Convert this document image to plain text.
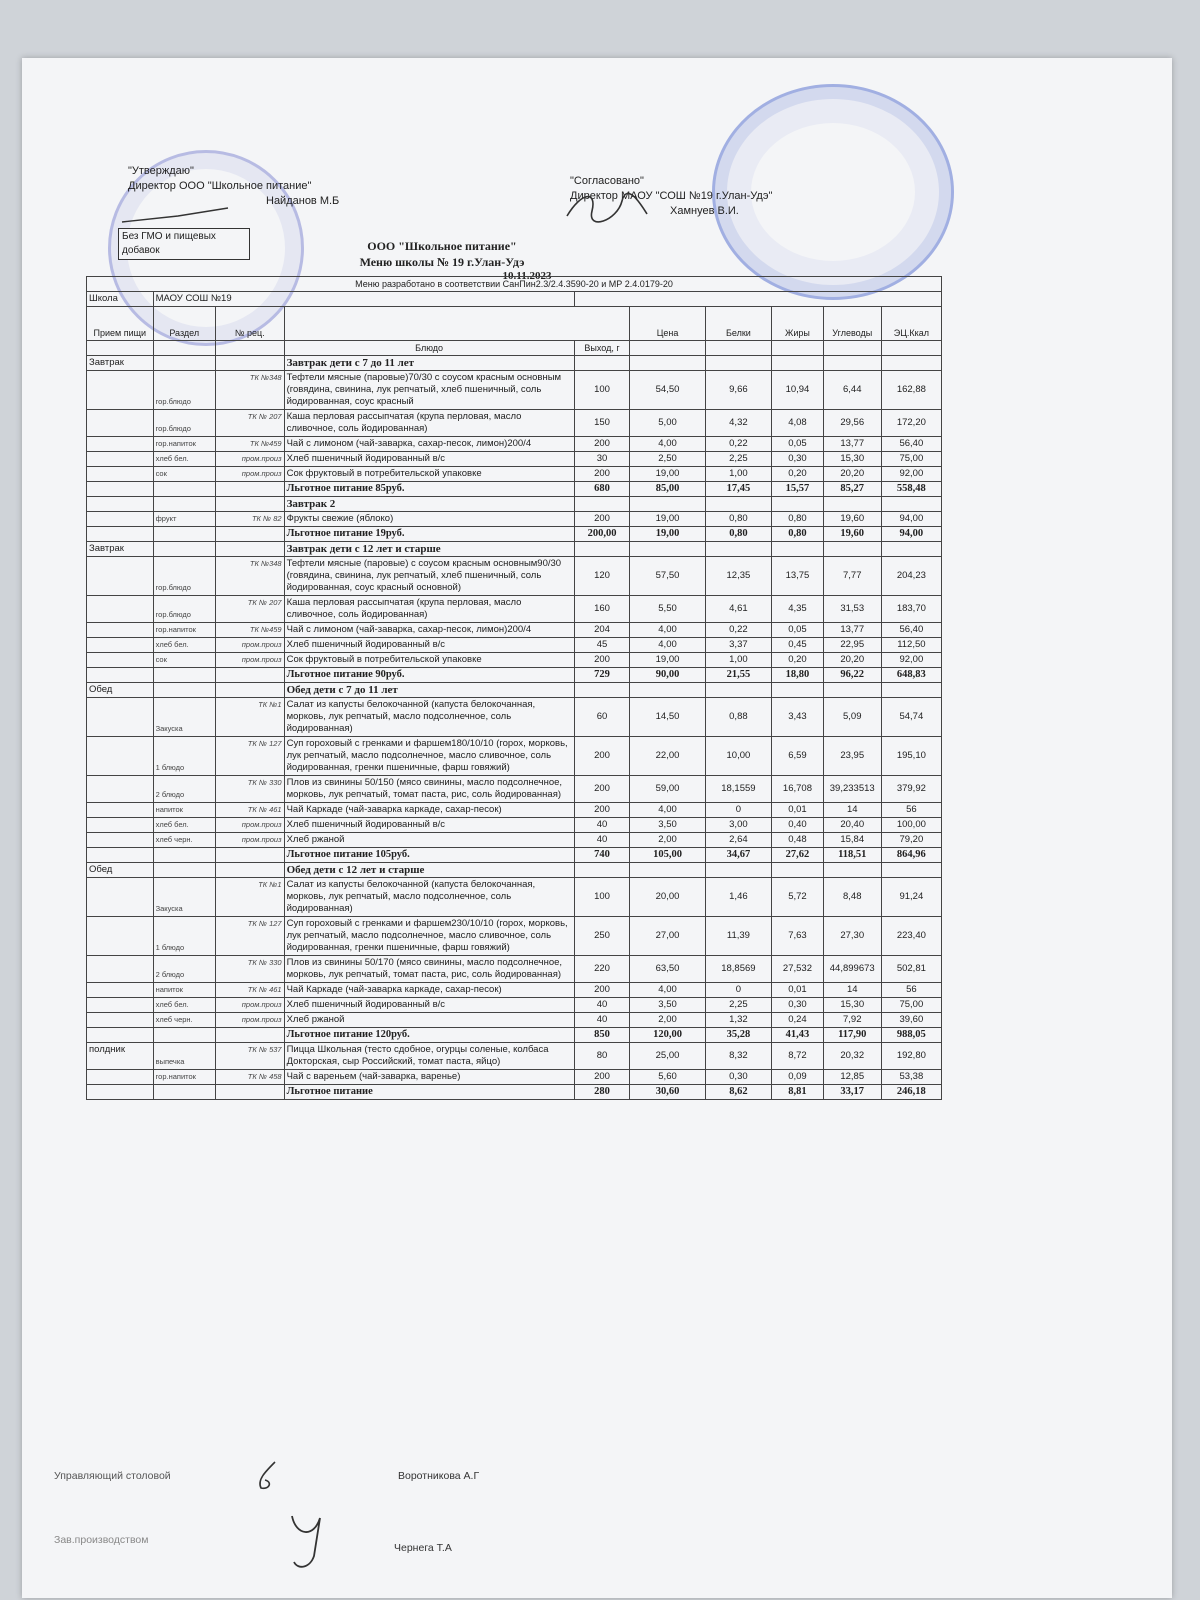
"Утверждаю"
Директор ООО "Школьное питание"
Найданов М.Б
"Согласовано"
Директор МАОУ "СОШ №19 г.Улан-Удэ"
Хамнуев В.И.
Без ГМО и пищевых
добавок	ООО "Школьное питание"
Меню школы № 19 г.Улан-Удэ
10.11.2023
Меню разработано в соответствии СанПин2.3/2.4.3590-20 и МР 2.4.0179-20									
Школа	МАОУ СОШ №19								
Прием пищи	Раздел	№ рец.			Цена	Белки	Жиры	Углеводы	ЭЦ.Ккал
			Блюдо	Выход, г					
Завтрак			Завтрак дети с 7 до 11 лет						
	гор.блюдо	ТК №348	Тефтели мясные (паровые)70/30 с соусом красным основным (говядина, свинина, лук репчатый, хлеб пшеничный, соль йодированная, соус красный	100	54,50	9,66	10,94	6,44	162,88
	гор.блюдо	ТК № 207	Каша перловая рассыпчатая (крупа перловая, масло сливочное, соль йодированная)	150	5,00	4,32	4,08	29,56	172,20
	гор.напиток	ТК №459	Чай с лимоном (чай-заварка, сахар-песок, лимон)200/4	200	4,00	0,22	0,05	13,77	56,40
	хлеб бел.	пром.произ	Хлеб пшеничный йодированный в/с	30	2,50	2,25	0,30	15,30	75,00
	сок	пром.произ	Сок фруктовый в потребительской упаковке	200	19,00	1,00	0,20	20,20	92,00
			Льготное питание 85руб.	680	85,00	17,45	15,57	85,27	558,48
			Завтрак 2						
	фрукт	ТК № 82	Фрукты свежие (яблоко)	200	19,00	0,80	0,80	19,60	94,00
			Льготное питание 19руб.	200,00	19,00	0,80	0,80	19,60	94,00
Завтрак			Завтрак дети с 12 лет и старше						
	гор.блюдо	ТК №348	Тефтели мясные (паровые) с соусом красным основным90/30 (говядина, свинина, лук репчатый, хлеб пшеничный, соль йодированная, соус красный основной)	120	57,50	12,35	13,75	7,77	204,23
	гор.блюдо	ТК № 207	Каша перловая рассыпчатая (крупа перловая, масло сливочное, соль йодированная)	160	5,50	4,61	4,35	31,53	183,70
	гор.напиток	ТК №459	Чай с лимоном (чай-заварка, сахар-песок, лимон)200/4	204	4,00	0,22	0,05	13,77	56,40
	хлеб бел.	пром.произ	Хлеб пшеничный йодированный в/с	45	4,00	3,37	0,45	22,95	112,50
	сок	пром.произ	Сок фруктовый в потребительской упаковке	200	19,00	1,00	0,20	20,20	92,00
			Льготное питание 90руб.	729	90,00	21,55	18,80	96,22	648,83
Обед			Обед дети с 7 до 11 лет						
	Закуска	ТК №1	Салат из капусты белокочанной (капуста белокочанная, морковь, лук репчатый, масло подсолнечное, соль йодированная)	60	14,50	0,88	3,43	5,09	54,74
	1 блюдо	ТК № 127	Суп гороховый с гренками и фаршем180/10/10 (горох, морковь, лук репчатый, масло подсолнечное, масло сливочное, соль йодированная, гренки пшеничные, фарш говяжий)	200	22,00	10,00	6,59	23,95	195,10
	2 блюдо	ТК № 330	Плов из свинины 50/150 (мясо свинины, масло подсолнечное, морковь, лук репчатый, томат паста, рис, соль йодированная)	200	59,00	18,1559	16,708	39,233513	379,92
	напиток	ТК № 461	Чай Каркаде (чай-заварка каркаде, сахар-песок)	200	4,00	0	0,01	14	56
	хлеб бел.	пром.произ	Хлеб пшеничный йодированный в/с	40	3,50	3,00	0,40	20,40	100,00
	хлеб черн.	пром.произ	Хлеб ржаной	40	2,00	2,64	0,48	15,84	79,20
			Льготное питание 105руб.	740	105,00	34,67	27,62	118,51	864,96
Обед			Обед дети с 12 лет и старше						
	Закуска	ТК №1	Салат из капусты белокочанной (капуста белокочанная, морковь, лук репчатый, масло подсолнечное, соль йодированная)	100	20,00	1,46	5,72	8,48	91,24
	1 блюдо	ТК № 127	Суп гороховый с гренками и фаршем230/10/10 (горох, морковь, лук репчатый, масло подсолнечное, масло сливочное, соль йодированная, гренки пшеничные, фарш говяжий)	250	27,00	11,39	7,63	27,30	223,40
	2 блюдо	ТК № 330	Плов из свинины 50/170 (мясо свинины, масло подсолнечное, морковь, лук репчатый, томат паста, рис, соль йодированная)	220	63,50	18,8569	27,532	44,899673	502,81
	напиток	ТК № 461	Чай Каркаде (чай-заварка каркаде, сахар-песок)	200	4,00	0	0,01	14	56
	хлеб бел.	пром.произ	Хлеб пшеничный йодированный в/с	40	3,50	2,25	0,30	15,30	75,00
	хлеб черн.	пром.произ	Хлеб ржаной	40	2,00	1,32	0,24	7,92	39,60
			Льготное питание 120руб.	850	120,00	35,28	41,43	117,90	988,05
полдник	выпечка	ТК № 537	Пицца Школьная (тесто сдобное, огурцы соленые, колбаса Докторская, сыр Российский, томат паста, яйцо)	80	25,00	8,32	8,72	20,32	192,80
	гор.напиток	ТК № 458	Чай с вареньем (чай-заварка, варенье)	200	5,60	0,30	0,09	12,85	53,38
			Льготное питание	280	30,60	8,62	8,81	33,17	246,18
Управляющий столовой	Воротникова А.Г
Зав.производством
Чернега Т.А
